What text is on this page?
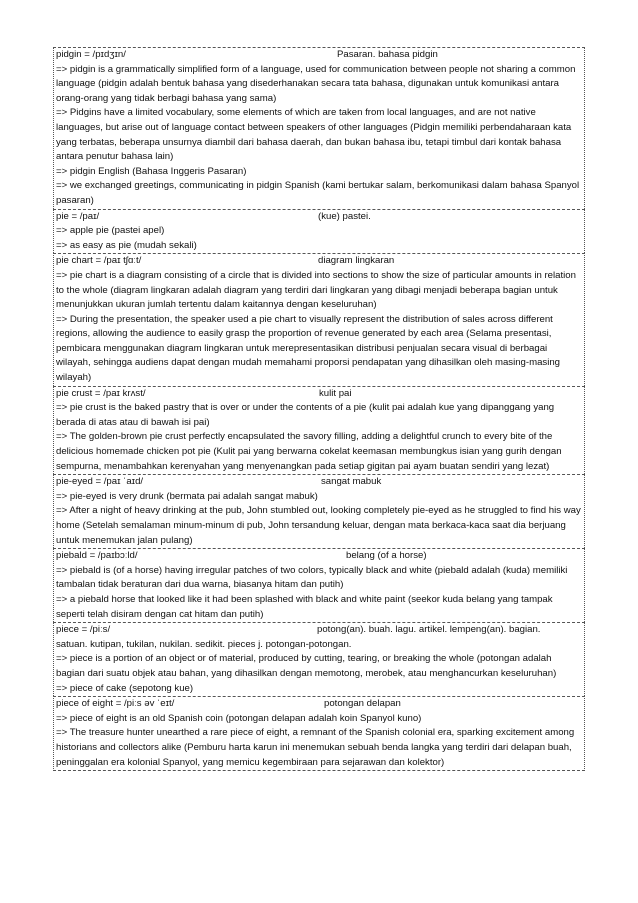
pidgin = /pɪdʒɪn/	Pasaran. bahasa pidgin
=> pidgin is a grammatically simplified form of a language, used for communication between people not sharing a common language (pidgin adalah bentuk bahasa yang disederhanakan secara tata bahasa, digunakan untuk komunikasi antara orang-orang yang tidak berbagi bahasa yang sama)
=> Pidgins have a limited vocabulary, some elements of which are taken from local languages, and are not native languages, but arise out of language contact between speakers of other languages (Pidgin memiliki perbendaharaan kata yang terbatas, beberapa unsurnya diambil dari bahasa daerah, dan bukan bahasa ibu, tetapi timbul dari kontak bahasa antara penutur bahasa lain)
=> pidgin English (Bahasa Inggeris Pasaran)
=> we exchanged greetings, communicating in pidgin Spanish (kami bertukar salam, berkomunikasi dalam bahasa Spanyol pasaran)
pie = /paɪ/	(kue) pastei.
=> apple pie (pastei apel)
=> as easy as pie (mudah sekali)
pie chart = /paɪ tʃɑːt/	diagram lingkaran
=> pie chart is a diagram consisting of a circle that is divided into sections to show the size of particular amounts in relation to the whole (diagram lingkaran adalah diagram yang terdiri dari lingkaran yang dibagi menjadi beberapa bagian untuk menunjukkan ukuran jumlah tertentu dalam kaitannya dengan keseluruhan)
=> During the presentation, the speaker used a pie chart to visually represent the distribution of sales across different regions, allowing the audience to easily grasp the proportion of revenue generated by each area (Selama presentasi, pembicara menggunakan diagram lingkaran untuk merepresentasikan distribusi penjualan secara visual di berbagai wilayah, sehingga audiens dapat dengan mudah memahami proporsi pendapatan yang dihasilkan oleh masing-masing wilayah)
pie crust = /paɪ krʌst/	kulit pai
=> pie crust is the baked pastry that is over or under the contents of a pie (kulit pai adalah kue yang dipanggang yang berada di atas atau di bawah isi pai)
=> The golden-brown pie crust perfectly encapsulated the savory filling, adding a delightful crunch to every bite of the delicious homemade chicken pot pie (Kulit pai yang berwarna cokelat keemasan membungkus isian yang gurih dengan sempurna, menambahkan kerenyahan yang menyenangkan pada setiap gigitan pai ayam buatan sendiri yang lezat)
pie-eyed = /paɪ ˈaɪd/	sangat mabuk
=> pie-eyed is very drunk (bermata pai adalah sangat mabuk)
=> After a night of heavy drinking at the pub, John stumbled out, looking completely pie-eyed as he struggled to find his way home (Setelah semalaman minum-minum di pub, John tersandung keluar, dengan mata berkaca-kaca saat dia berjuang untuk menemukan jalan pulang)
piebald = /paɪbɔːld/	belang (of a horse)
=> piebald is (of a horse) having irregular patches of two colors, typically black and white (piebald adalah (kuda) memiliki tambalan tidak beraturan dari dua warna, biasanya hitam dan putih)
=> a piebald horse that looked like it had been splashed with black and white paint (seekor kuda belang yang tampak seperti telah disiram dengan cat hitam dan putih)
piece = /piːs/	potong(an). buah. lagu. artikel. lempeng(an). bagian.
satuan. kutipan, tukilan, nukilan. sedikit. pieces j. potongan-potongan.
=> piece is a portion of an object or of material, produced by cutting, tearing, or breaking the whole (potongan adalah bagian dari suatu objek atau bahan, yang dihasilkan dengan memotong, merobek, atau menghancurkan keseluruhan)
=> piece of cake (sepotong kue)
piece of eight = /piːs əv ˈeɪt/	potongan delapan
=> piece of eight is an old Spanish coin (potongan delapan adalah koin Spanyol kuno)
=> The treasure hunter unearthed a rare piece of eight, a remnant of the Spanish colonial era, sparking excitement among historians and collectors alike (Pemburu harta karun ini menemukan sebuah benda langka yang terdiri dari delapan buah, peninggalan era kolonial Spanyol, yang memicu kegembiraan para sejarawan dan kolektor)
